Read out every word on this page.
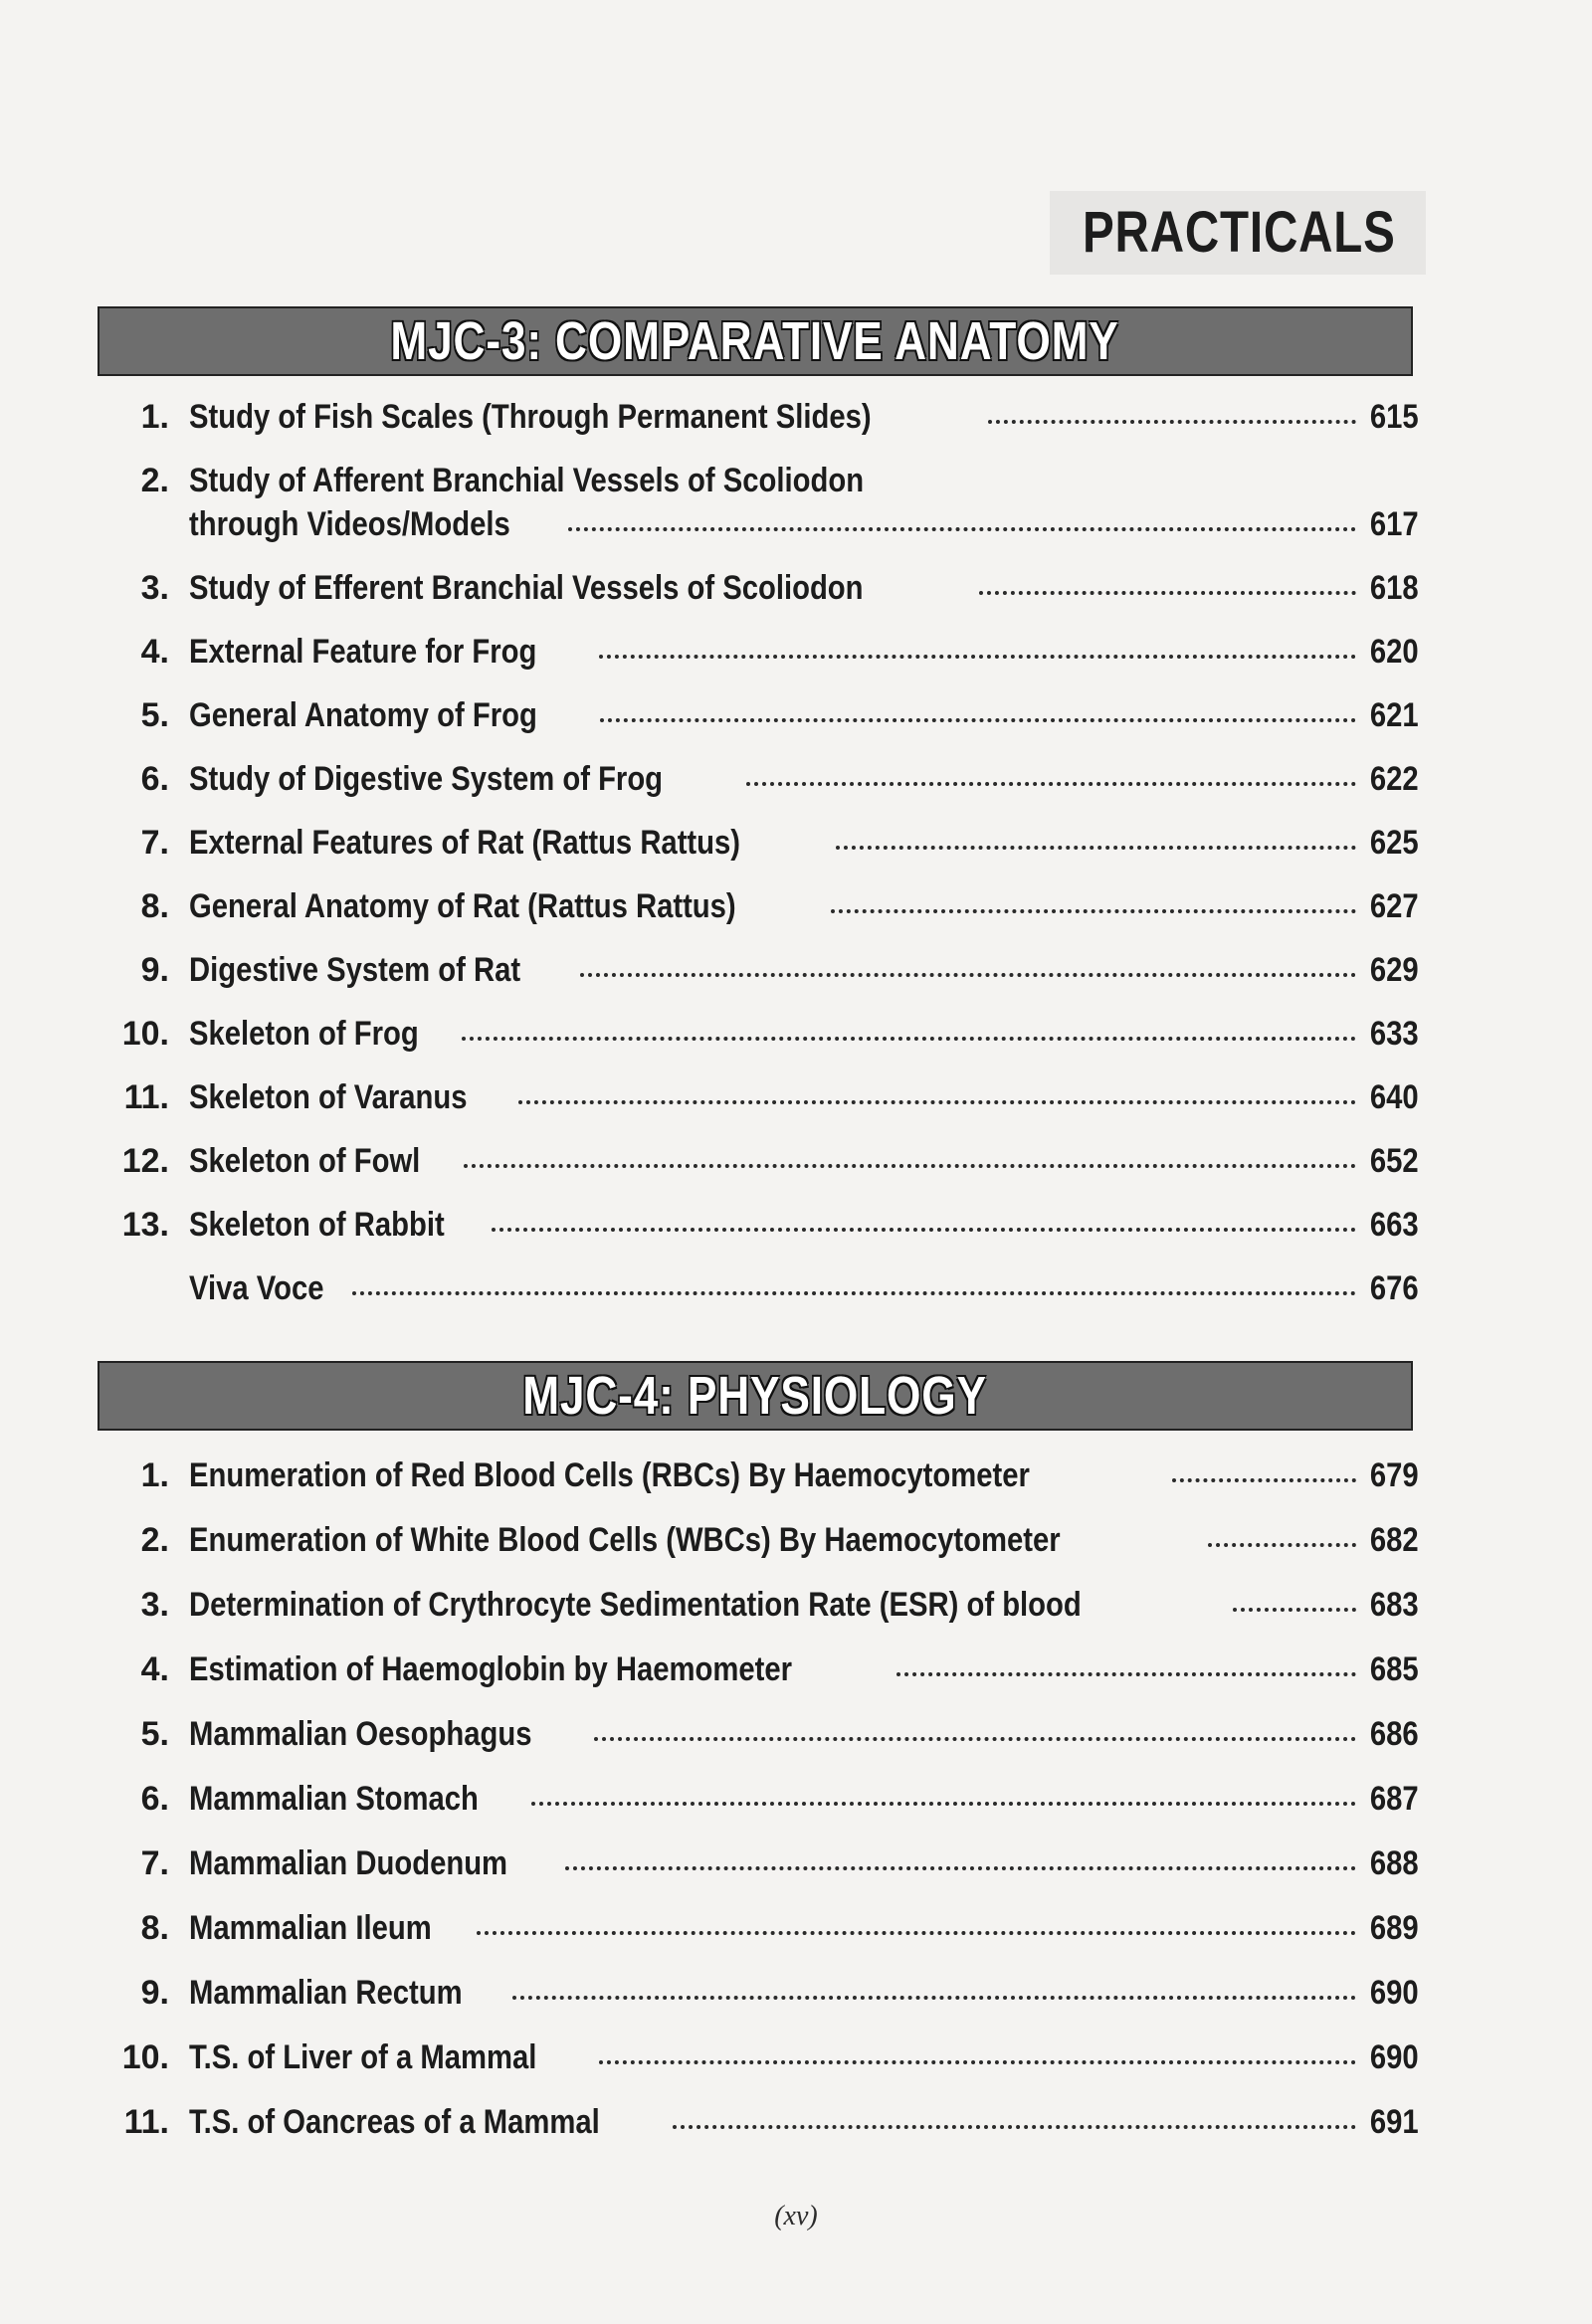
PRACTICALS
MJC-3: COMPARATIVE ANATOMY
1. Study of Fish Scales (Through Permanent Slides)	615
2. Study of Afferent Branchial Vessels of Scoliodon
through Videos/Models	617
3. Study of Efferent Branchial Vessels of Scoliodon	618
4. External Feature for Frog	620
5. General Anatomy of Frog	621
6. Study of Digestive System of Frog	622
7. External Features of Rat (Rattus Rattus)	625
8. General Anatomy of Rat (Rattus Rattus)	627
9. Digestive System of Rat	629
10. Skeleton of Frog	633
11. Skeleton of Varanus	640
12. Skeleton of Fowl	652
13. Skeleton of Rabbit	663
Viva Voce	676
MJC-4: PHYSIOLOGY
1. Enumeration of Red Blood Cells (RBCs) By Haemocytometer	679
2. Enumeration of White Blood Cells (WBCs) By Haemocytometer	682
3. Determination of Crythrocyte Sedimentation Rate (ESR) of blood	683
4. Estimation of Haemoglobin by Haemometer	685
5. Mammalian Oesophagus	686
6. Mammalian Stomach	687
7. Mammalian Duodenum	688
8. Mammalian Ileum	689
9. Mammalian Rectum	690
10. T.S. of Liver of a Mammal	690
11. T.S. of Oancreas of a Mammal	691
(xv)
